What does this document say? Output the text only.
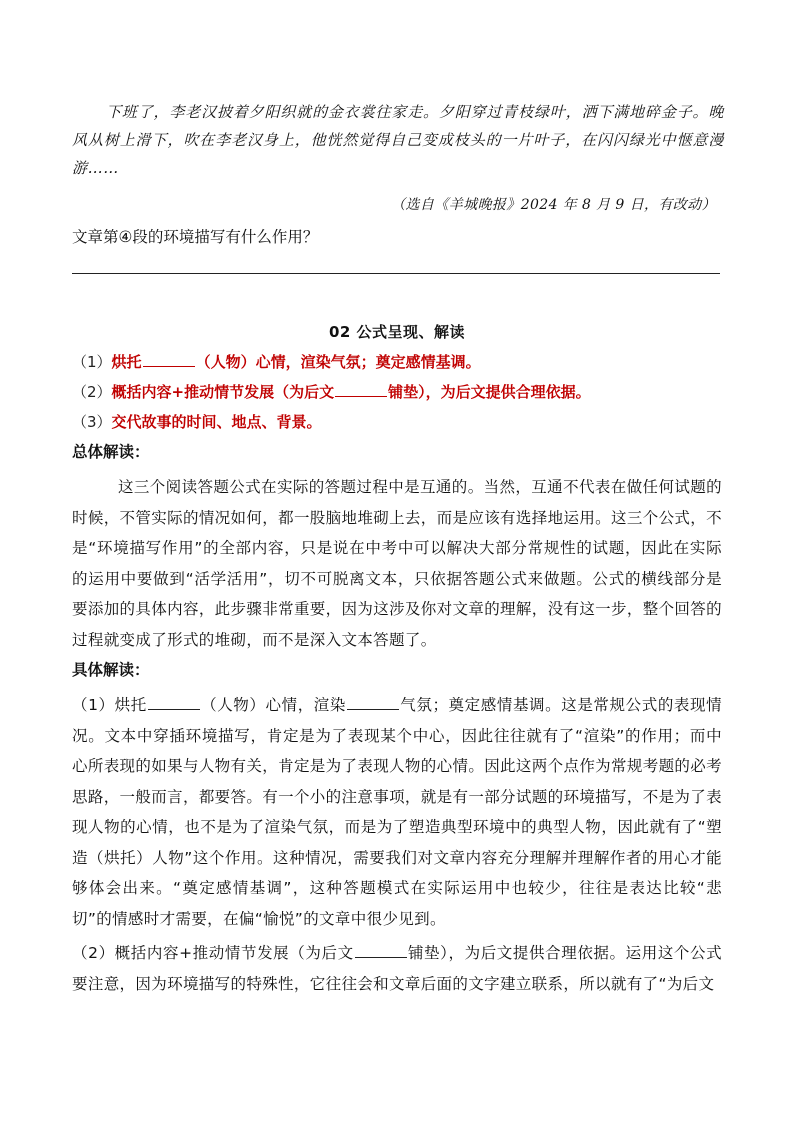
下班了，李老汉披着夕阳织就的金衣裳往家走。夕阳穿过青枝绿叶，洒下满地碎金子。晚风从树上滑下，吹在李老汉身上，他恍然觉得自己变成枝头的一片叶子，在闪闪绿光中惬意漫游……
（选自《羊城晚报》2024 年 8 月 9 日，有改动）
文章第④段的环境描写有什么作用？
02 公式呈现、解读
（1）烘托	（人物）心情，渲染气氛；奠定感情基调。
（2）概括内容+推动情节发展（为后文	铺垫），为后文提供合理依据。
（3）交代故事的时间、地点、背景。
总体解读：
这三个阅读答题公式在实际的答题过程中是互通的。当然，互通不代表在做任何试题的时候，不管实际的情况如何，都一股脑地堆砌上去，而是应该有选择地运用。这三个公式，不是“环境描写作用”的全部内容，只是说在中考中可以解决大部分常规性的试题，因此在实际的运用中要做到“活学活用”，切不可脱离文本，只依据答题公式来做题。公式的横线部分是要添加的具体内容，此步骤非常重要，因为这涉及你对文章的理解，没有这一步，整个回答的过程就变成了形式的堆砌，而不是深入文本答题了。
具体解读：
（1）烘托	（人物）心情，渲染	气氛；奠定感情基调。这是常规公式的表现情况。文本中穿插环境描写，肯定是为了表现某个中心，因此往往就有了“渲染”的作用；而中心所表现的如果与人物有关，肯定是为了表现人物的心情。因此这两个点作为常规考题的必考思路，一般而言，都要答。有一个小的注意事项，就是有一部分试题的环境描写，不是为了表现人物的心情，也不是为了渲染气氛，而是为了塑造典型环境中的典型人物，因此就有了“塑造（烘托）人物”这个作用。这种情况，需要我们对文章内容充分理解并理解作者的用心才能够体会出来。“奠定感情基调”，这种答题模式在实际运用中也较少，往往是表达比较“悲切”的情感时才需要，在偏“愉悦”的文章中很少见到。
（2）概括内容+推动情节发展（为后文	铺垫），为后文提供合理依据。运用这个公式要注意，因为环境描写的特殊性，它往往会和文章后面的文字建立联系，所以就有了“为后文
